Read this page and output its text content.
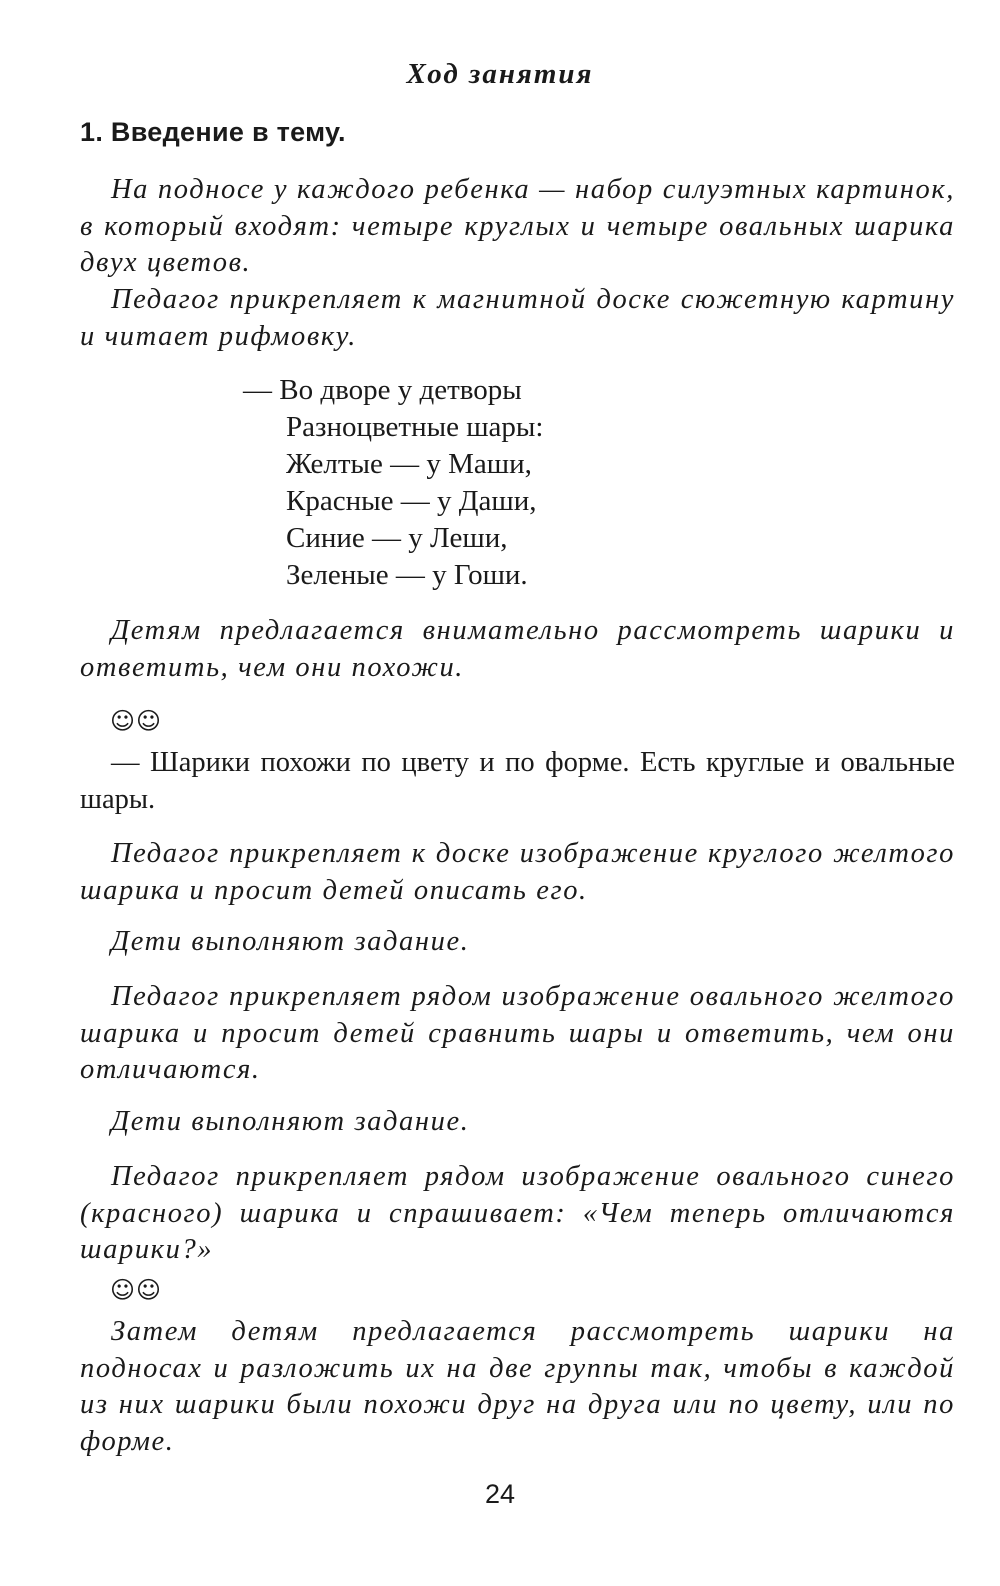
Ход занятия
1. Введение в тему.

На подносе у каждого ребенка — набор силуэтных картинок, в который входят: четыре круглых и четыре овальных шарика двух цветов.

Педагог прикрепляет к магнитной доске сюжетную картину и читает рифмовку.

— Во дворе у детворы
Разноцветные шары:
Желтые — у Маши,
Красные — у Даши,
Синие — у Леши,
Зеленые — у Гоши.

Детям предлагается внимательно рассмотреть шарики и ответить, чем они похожи.

☺☺

— Шарики похожи по цвету и по форме. Есть круглые и овальные шары.

Педагог прикрепляет к доске изображение круглого желтого шарика и просит детей описать его.

Дети выполняют задание.

Педагог прикрепляет рядом изображение овального желтого шарика и просит детей сравнить шары и ответить, чем они отличаются.

Дети выполняют задание.

Педагог прикрепляет рядом изображение овального синего (красного) шарика и спрашивает: «Чем теперь отличаются шарики?»

☺☺

Затем детям предлагается рассмотреть шарики на подносах и разложить их на две группы так, чтобы в каждой из них шарики были похожи друг на друга или по цвету, или по форме.

24
